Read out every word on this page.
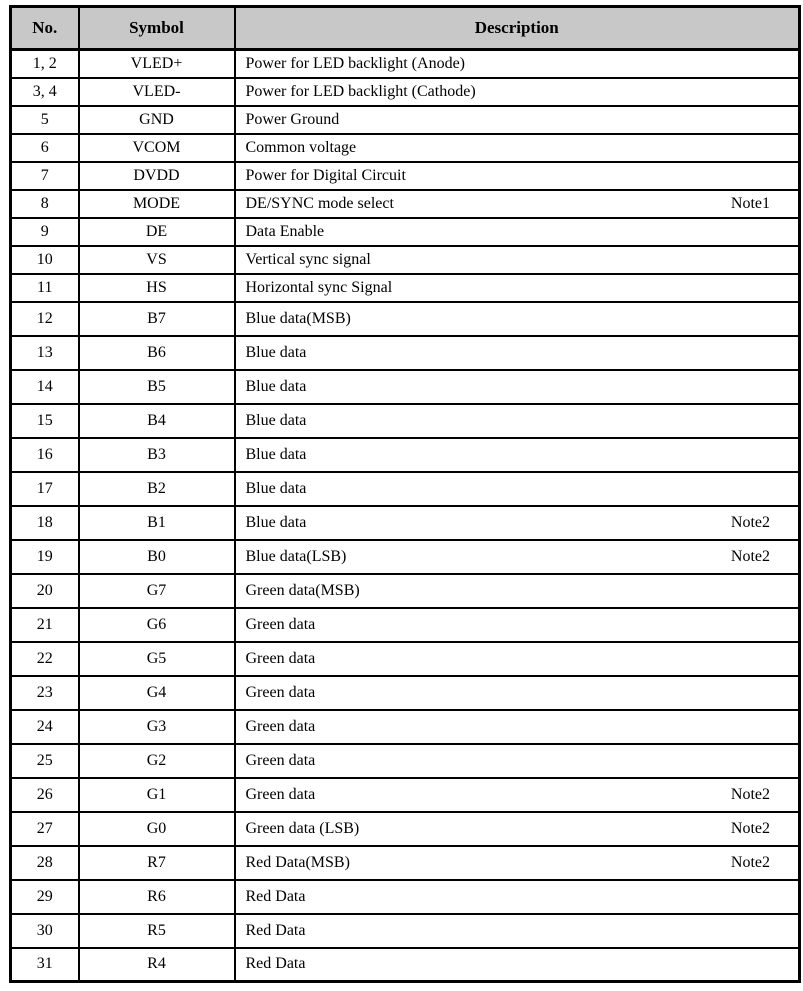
No.	Symbol	Description
1, 2	VLED+	Power for LED backlight (Anode)

3, 4	VLED-	Power for LED backlight (Cathode)

5	GND	Power Ground

6	VCOM	Common voltage

7	DVDD	Power for Digital Circuit

8	MODE	DE/SYNC mode select Note1

9	DE	Data Enable

10	VS	Vertical sync signal

11	HS	Horizontal sync Signal

12	B7	Blue data(MSB)

13	B6	Blue data

14	B5	Blue data

15	B4	Blue data

16	B3	Blue data

17	B2	Blue data

18	B1	Blue data Note2

19	B0	Blue data(LSB) Note2

20	G7	Green data(MSB)

21	G6	Green data

22	G5	Green data

23	G4	Green data

24	G3	Green data

25	G2	Green data

26	G1	Green data Note2

27	G0	Green data (LSB) Note2

28	R7	Red Data(MSB) Note2

29	R6	Red Data

30	R5	Red Data

31	R4	Red Data
